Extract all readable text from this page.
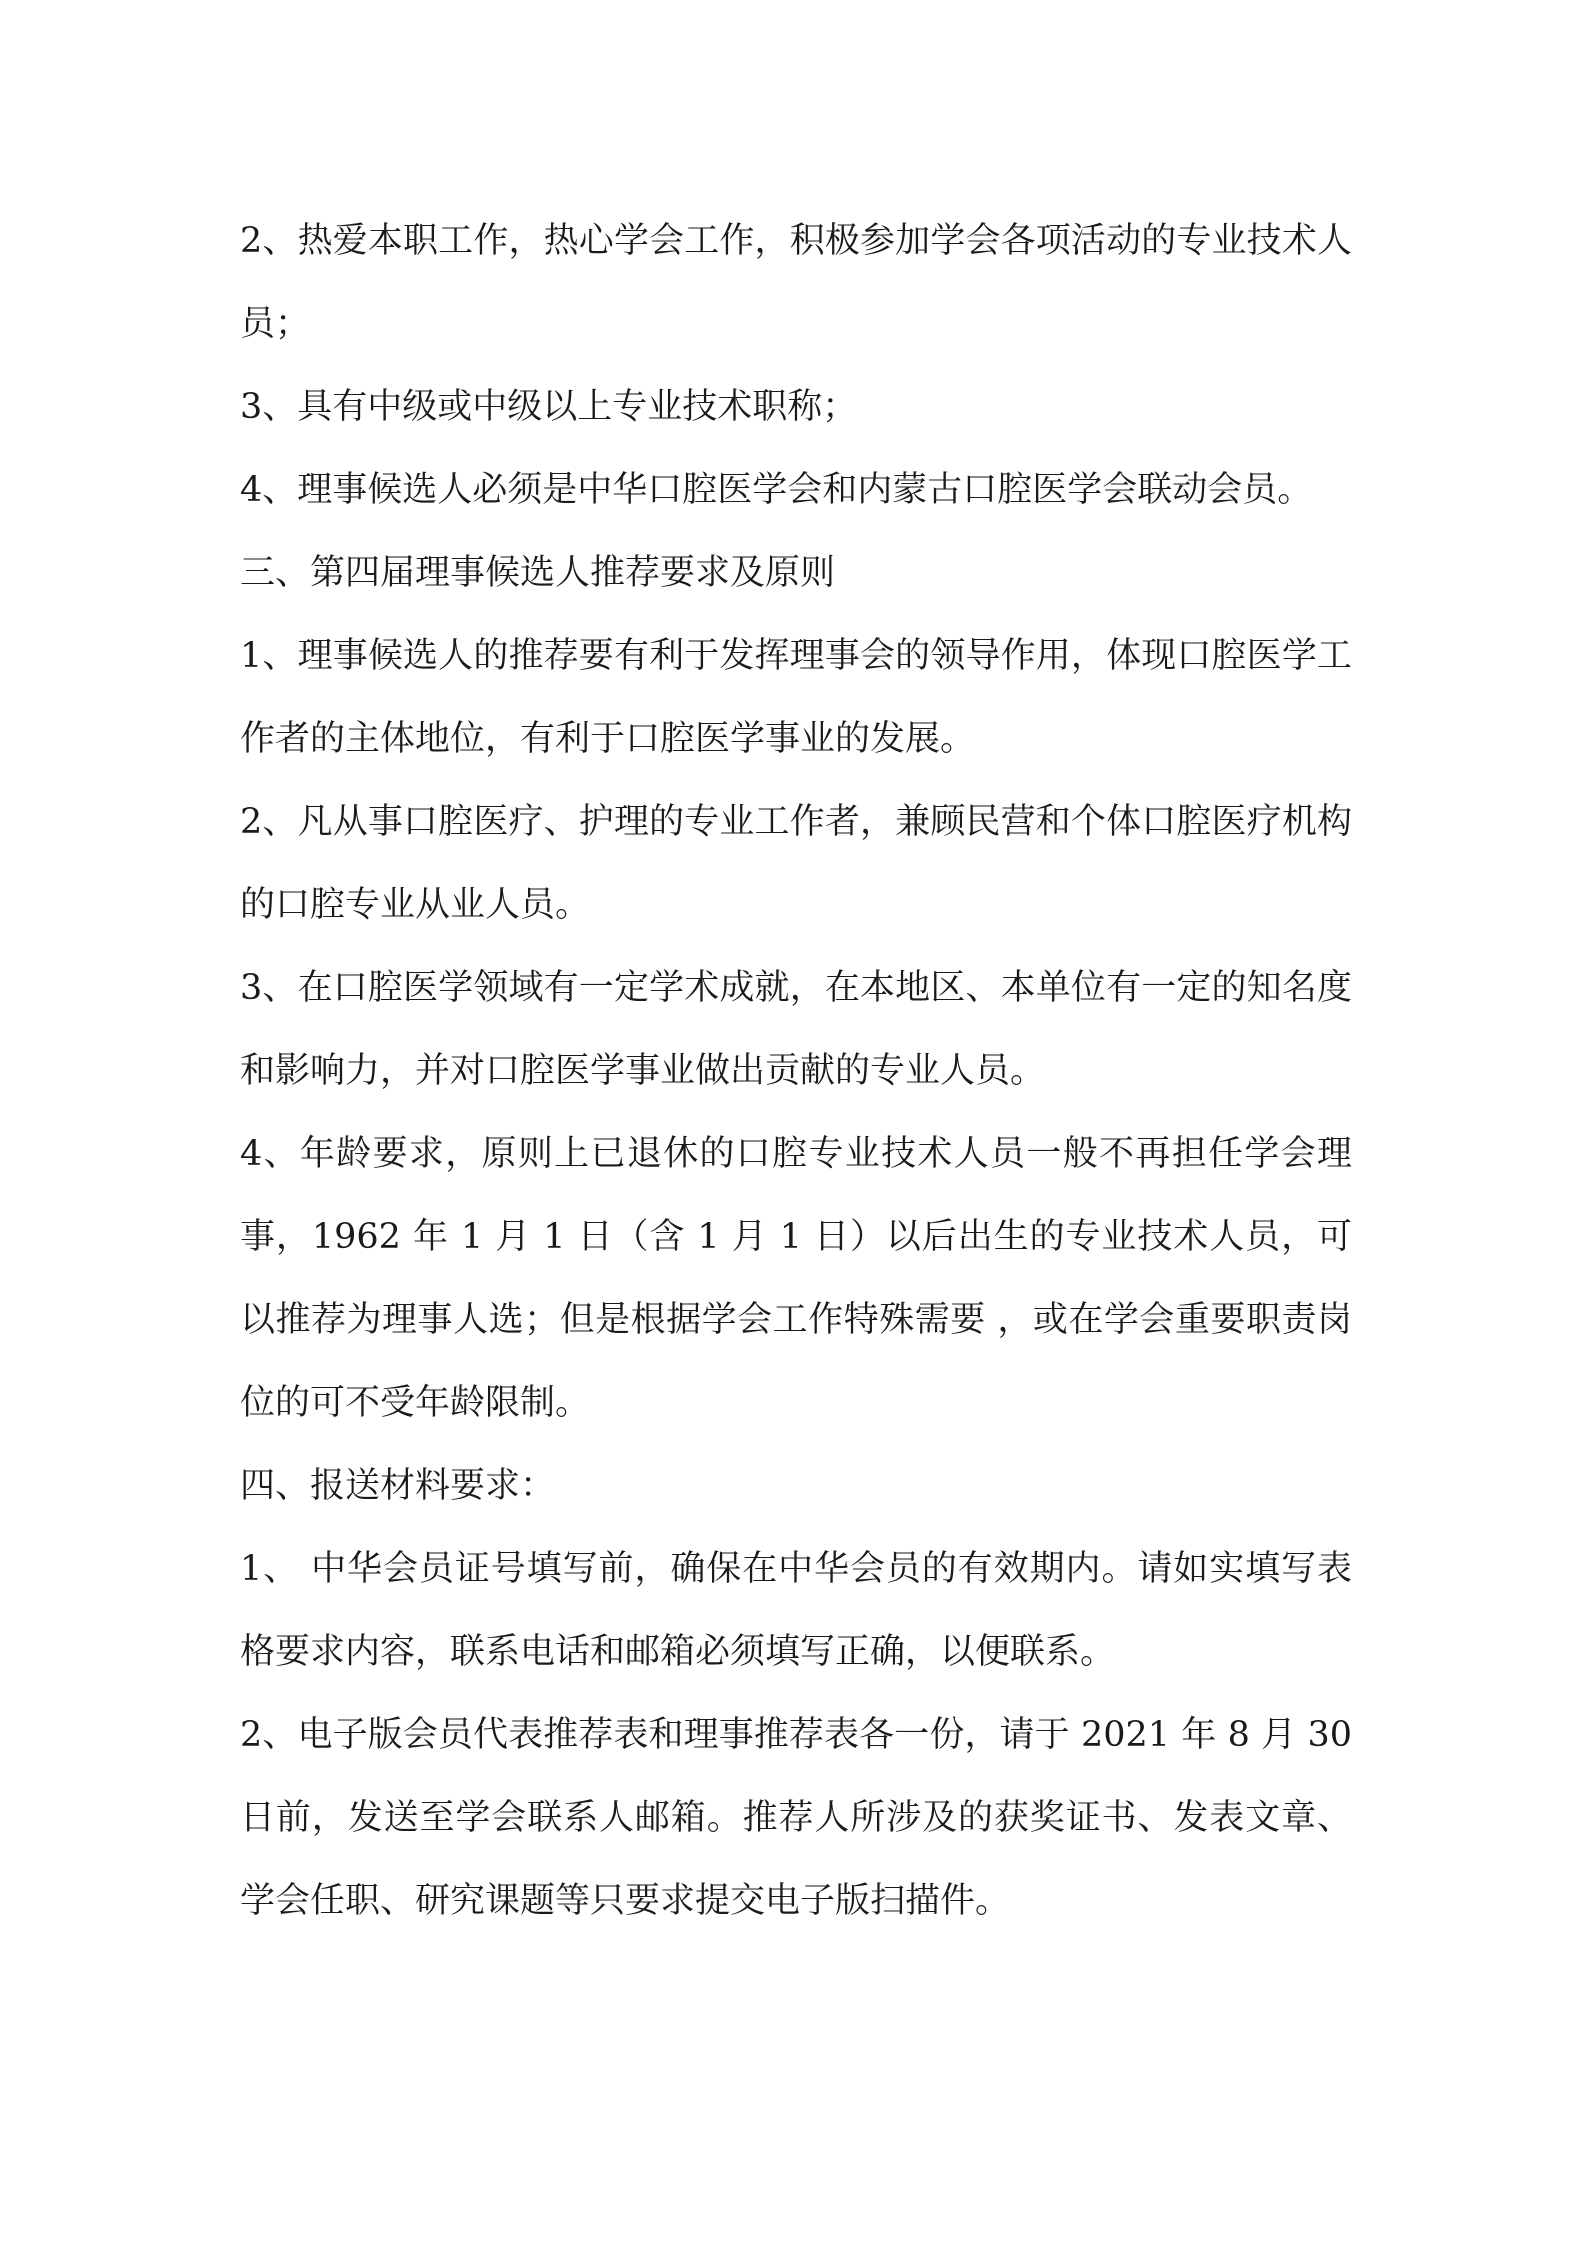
2、热爱本职工作，热心学会工作，积极参加学会各项活动的专业技术人员；

3、具有中级或中级以上专业技术职称；

4、理事候选人必须是中华口腔医学会和内蒙古口腔医学会联动会员。

三、第四届理事候选人推荐要求及原则

1、理事候选人的推荐要有利于发挥理事会的领导作用，体现口腔医学工作者的主体地位，有利于口腔医学事业的发展。

2、凡从事口腔医疗、护理的专业工作者，兼顾民营和个体口腔医疗机构的口腔专业从业人员。

3、在口腔医学领域有一定学术成就，在本地区、本单位有一定的知名度和影响力，并对口腔医学事业做出贡献的专业人员。

4、年龄要求，原则上已退休的口腔专业技术人员一般不再担任学会理事，1962 年 1 月 1 日（含 1 月 1 日）以后出生的专业技术人员，可以推荐为理事人选；但是根据学会工作特殊需要 ，或在学会重要职责岗位的可不受年龄限制。

四、报送材料要求：

1、 中华会员证号填写前，确保在中华会员的有效期内。请如实填写表格要求内容，联系电话和邮箱必须填写正确，以便联系。

2、电子版会员代表推荐表和理事推荐表各一份，请于 2021 年 8 月 30 日前，发送至学会联系人邮箱。推荐人所涉及的获奖证书、发表文章、学会任职、研究课题等只要求提交电子版扫描件。
